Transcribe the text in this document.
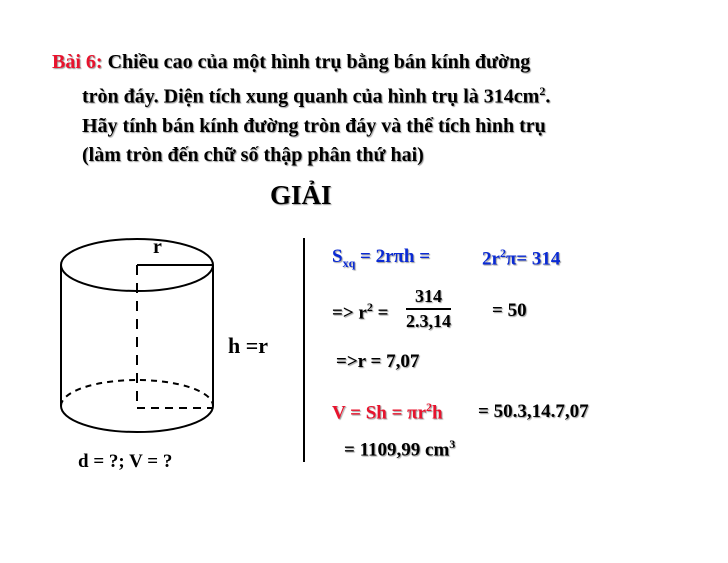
Bài 6: Chiều cao của một hình trụ bằng bán kính đường
tròn đáy. Diện tích xung quanh của hình trụ là $314cm^2$.
Hãy tính bán kính đường tròn đáy và thể tích hình trụ
(làm tròn đến chữ số thập phân thứ hai)
GIẢI
r
h =r
d = ?; V = ?
$S_{xq} = 2r\pi h$ =	$2r^2\pi= 314$
=> $r^2 = \frac{314}{2.3,14} = 50$
=>r = 7,07
$V = Sh = \pi r^2h = 50.3,14.7,07$
= 1109,99 $cm^3$
